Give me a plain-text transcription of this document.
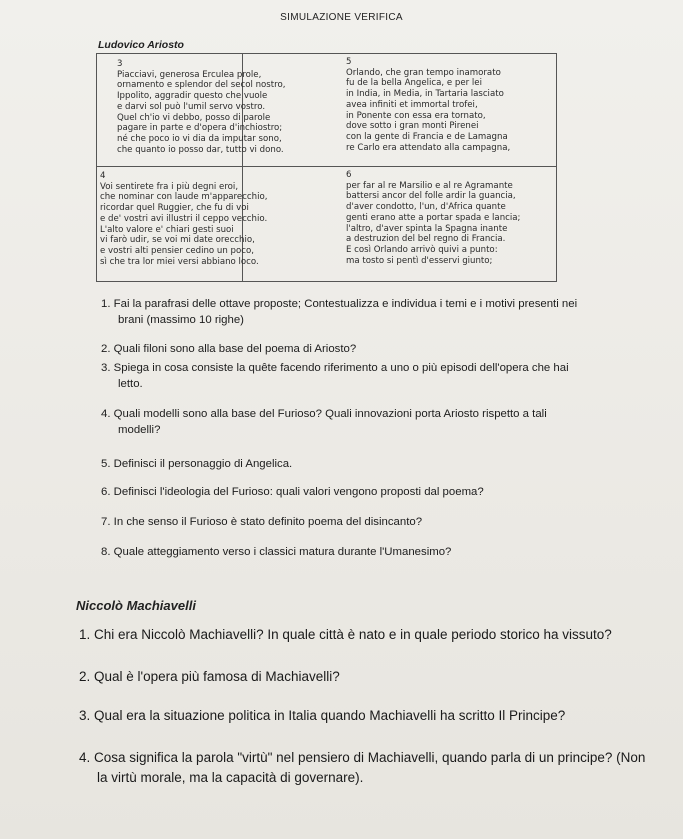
SIMULAZIONE VERIFICA
Ludovico Ariosto
3
Piacciavi, generosa Erculea prole,
ornamento e splendor del secol nostro,
Ippolito, aggradir questo che vuole
e darvi sol può l'umil servo vostro.
Quel ch'io vi debbo, posso di parole
pagare in parte e d'opera d'inchiostro;
né che poco io vi dia da imputar sono,
che quanto io posso dar, tutto vi dono.
5
Orlando, che gran tempo inamorato
fu de la bella Angelica, e per lei
in India, in Media, in Tartaria lasciato
avea infiniti et immortal trofei,
in Ponente con essa era tornato,
dove sotto i gran monti Pirenei
con la gente di Francia e de Lamagna
re Carlo era attendato alla campagna,
4
Voi sentirete fra i più degni eroi,
che nominar con laude m'apparecchio,
ricordar quel Ruggier, che fu di voi
e de' vostri avi illustri il ceppo vecchio.
L'alto valore e' chiari gesti suoi
vi farò udir, se voi mi date orecchio,
e vostri alti pensier cedino un poco,
sì che tra lor miei versi abbiano loco.
6
per far al re Marsilio e al re Agramante
battersi ancor del folle ardir la guancia,
d'aver condotto, l'un, d'Africa quante
genti erano atte a portar spada e lancia;
l'altro, d'aver spinta la Spagna inante
a destruzion del bel regno di Francia.
E così Orlando arrivò quivi a punto:
ma tosto si pentì d'esservi giunto;
1. Fai la parafrasi delle ottave proposte; Contestualizza e individua i temi e i motivi presenti nei
brani (massimo 10 righe)
2. Quali filoni sono alla base del poema di Ariosto?
3. Spiega in cosa consiste la quête facendo riferimento a uno o più episodi dell'opera che hai
letto.
4. Quali modelli sono alla base del Furioso? Quali innovazioni porta Ariosto rispetto a tali
modelli?
5. Definisci il personaggio di Angelica.
6. Definisci l'ideologia del Furioso: quali valori vengono proposti dal poema?
7. In che senso il Furioso è stato definito poema del disincanto?
8. Quale atteggiamento verso i classici matura durante l'Umanesimo?
Niccolò Machiavelli
1. Chi era Niccolò Machiavelli? In quale città è nato e in quale periodo storico ha vissuto?
2. Qual è l'opera più famosa di Machiavelli?
3. Qual era la situazione politica in Italia quando Machiavelli ha scritto Il Principe?
4. Cosa significa la parola "virtù" nel pensiero di Machiavelli, quando parla di un principe? (Non
la virtù morale, ma la capacità di governare).
